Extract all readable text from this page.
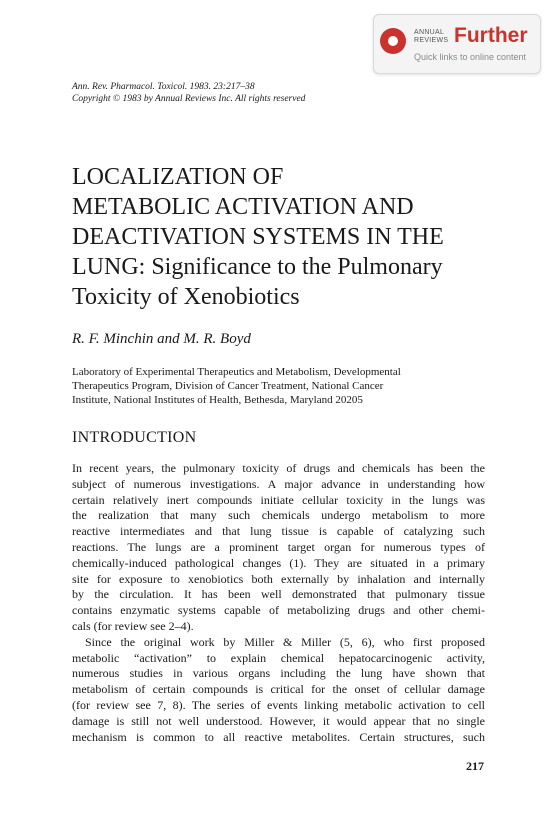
ANNUAL
REVIEWS Further
Quick links to online content
Ann. Rev. Pharmacol. Toxicol. 1983. 23:217–38
Copyright © 1983 by Annual Reviews Inc. All rights reserved
LOCALIZATION OF
METABOLIC ACTIVATION AND
DEACTIVATION SYSTEMS IN THE
LUNG: Significance to the Pulmonary
Toxicity of Xenobiotics
R. F. Minchin and M. R. Boyd
Laboratory of Experimental Therapeutics and Metabolism, Developmental
Therapeutics Program, Division of Cancer Treatment, National Cancer
Institute, National Institutes of Health, Bethesda, Maryland 20205
INTRODUCTION
In recent years, the pulmonary toxicity of drugs and chemicals has been the
subject of numerous investigations. A major advance in understanding how
certain relatively inert compounds initiate cellular toxicity in the lungs was
the realization that many such chemicals undergo metabolism to more
reactive intermediates and that lung tissue is capable of catalyzing such
reactions. The lungs are a prominent target organ for numerous types of
chemically-induced pathological changes (1). They are situated in a primary
site for exposure to xenobiotics both externally by inhalation and internally
by the circulation. It has been well demonstrated that pulmonary tissue
contains enzymatic systems capable of metabolizing drugs and other chemi-
cals (for review see 2–4).
Since the original work by Miller & Miller (5, 6), who first proposed
metabolic “activation” to explain chemical hepatocarcinogenic activity,
numerous studies in various organs including the lung have shown that
metabolism of certain compounds is critical for the onset of cellular damage
(for review see 7, 8). The series of events linking metabolic activation to cell
damage is still not well understood. However, it would appear that no single
mechanism is common to all reactive metabolites. Certain structures, such
217
